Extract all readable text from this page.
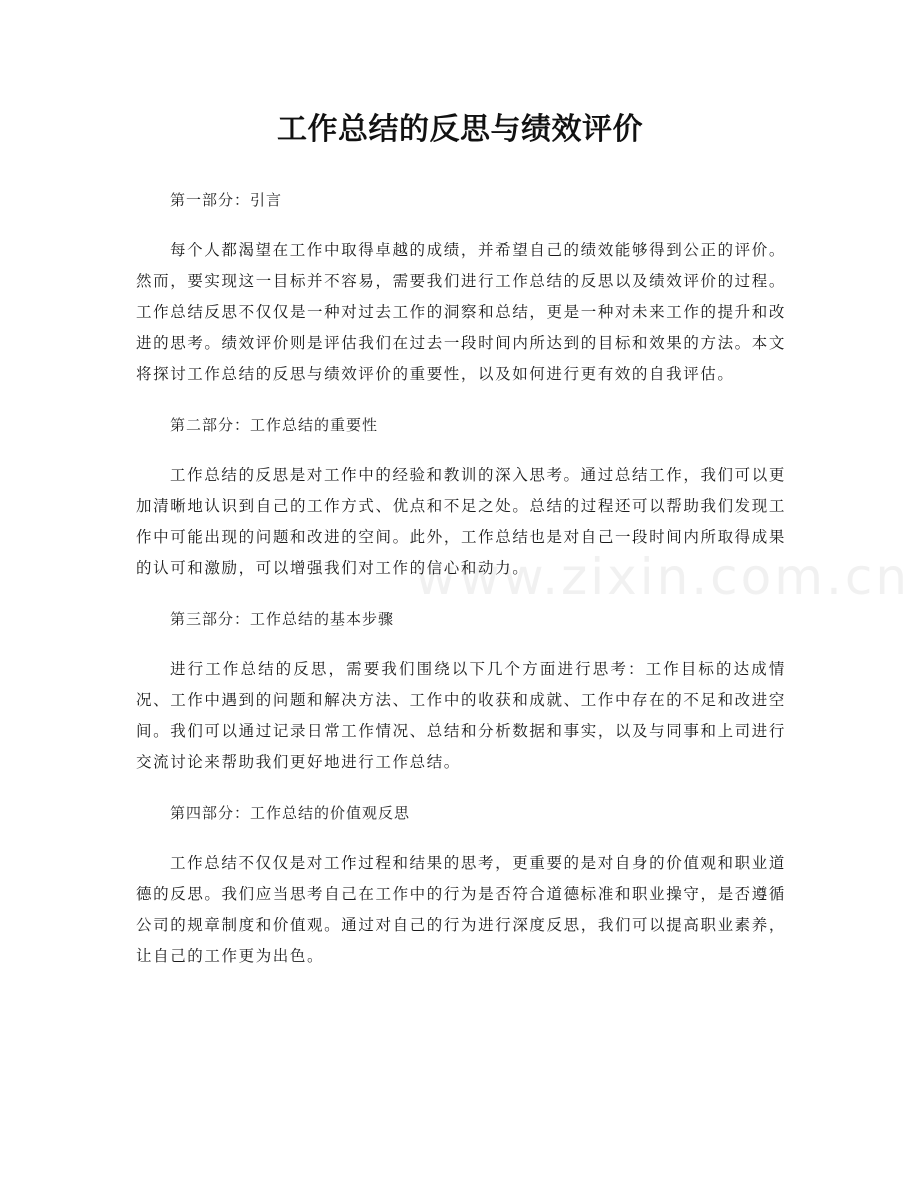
www.zixin.com.cn
工作总结的反思与绩效评价

第一部分：引言

每个人都渴望在工作中取得卓越的成绩，并希望自己的绩效能够得到公正的评价。然而，要实现这一目标并不容易，需要我们进行工作总结的反思以及绩效评价的过程。工作总结反思不仅仅是一种对过去工作的洞察和总结，更是一种对未来工作的提升和改进的思考。绩效评价则是评估我们在过去一段时间内所达到的目标和效果的方法。本文将探讨工作总结的反思与绩效评价的重要性，以及如何进行更有效的自我评估。

第二部分：工作总结的重要性

工作总结的反思是对工作中的经验和教训的深入思考。通过总结工作，我们可以更加清晰地认识到自己的工作方式、优点和不足之处。总结的过程还可以帮助我们发现工作中可能出现的问题和改进的空间。此外，工作总结也是对自己一段时间内所取得成果的认可和激励，可以增强我们对工作的信心和动力。

第三部分：工作总结的基本步骤

进行工作总结的反思，需要我们围绕以下几个方面进行思考：工作目标的达成情况、工作中遇到的问题和解决方法、工作中的收获和成就、工作中存在的不足和改进空间。我们可以通过记录日常工作情况、总结和分析数据和事实，以及与同事和上司进行交流讨论来帮助我们更好地进行工作总结。

第四部分：工作总结的价值观反思

工作总结不仅仅是对工作过程和结果的思考，更重要的是对自身的价值观和职业道德的反思。我们应当思考自己在工作中的行为是否符合道德标准和职业操守，是否遵循公司的规章制度和价值观。通过对自己的行为进行深度反思，我们可以提高职业素养，让自己的工作更为出色。
